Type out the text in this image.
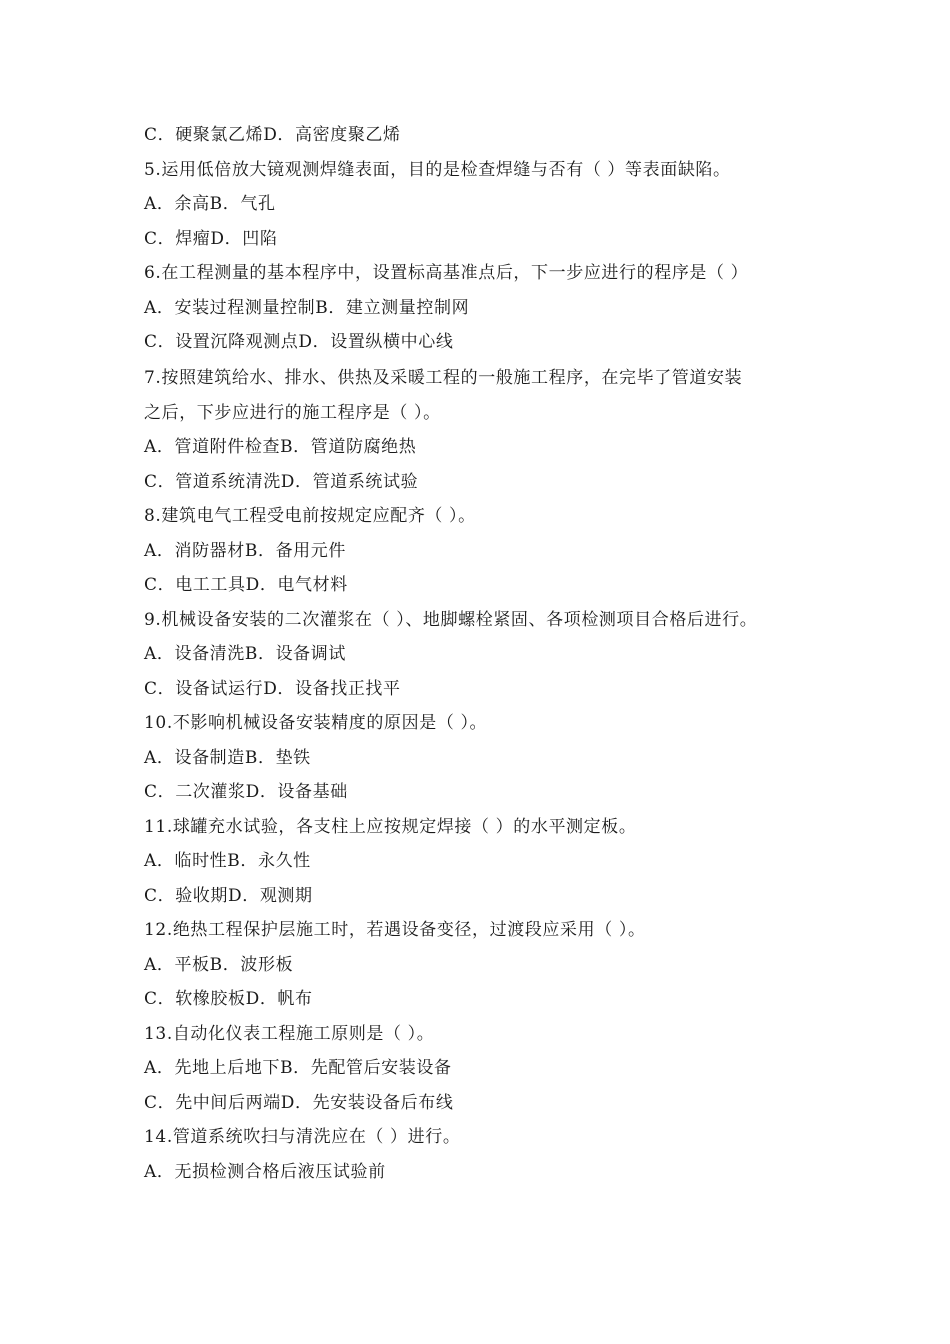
C．硬聚氯乙烯D．高密度聚乙烯
5.运用低倍放大镜观测焊缝表面，目的是检查焊缝与否有（ ）等表面缺陷。
A．余高B．气孔
C．焊瘤D．凹陷
6.在工程测量的基本程序中，设置标高基准点后，下一步应进行的程序是（ ）
A．安装过程测量控制B．建立测量控制网
C．设置沉降观测点D．设置纵横中心线
7.按照建筑给水、排水、供热及采暖工程的一般施工程序，在完毕了管道安装
之后，下步应进行的施工程序是（ ）。
A．管道附件检查B．管道防腐绝热
C．管道系统清洗D．管道系统试验
8.建筑电气工程受电前按规定应配齐（ ）。
A．消防器材B．备用元件
C．电工工具D．电气材料
9.机械设备安装的二次灌浆在（ ）、地脚螺栓紧固、各项检测项目合格后进行。
A．设备清洗B．设备调试
C．设备试运行D．设备找正找平
10.不影响机械设备安装精度的原因是（ ）。
A．设备制造B．垫铁
C．二次灌浆D．设备基础
11.球罐充水试验，各支柱上应按规定焊接（ ）的水平测定板。
A．临时性B．永久性
C．验收期D．观测期
12.绝热工程保护层施工时，若遇设备变径，过渡段应采用（ ）。
A．平板B．波形板
C．软橡胶板D．帆布
13.自动化仪表工程施工原则是（ ）。
A．先地上后地下B．先配管后安装设备
C．先中间后两端D．先安装设备后布线
14.管道系统吹扫与清洗应在（ ）进行。
A．无损检测合格后液压试验前
